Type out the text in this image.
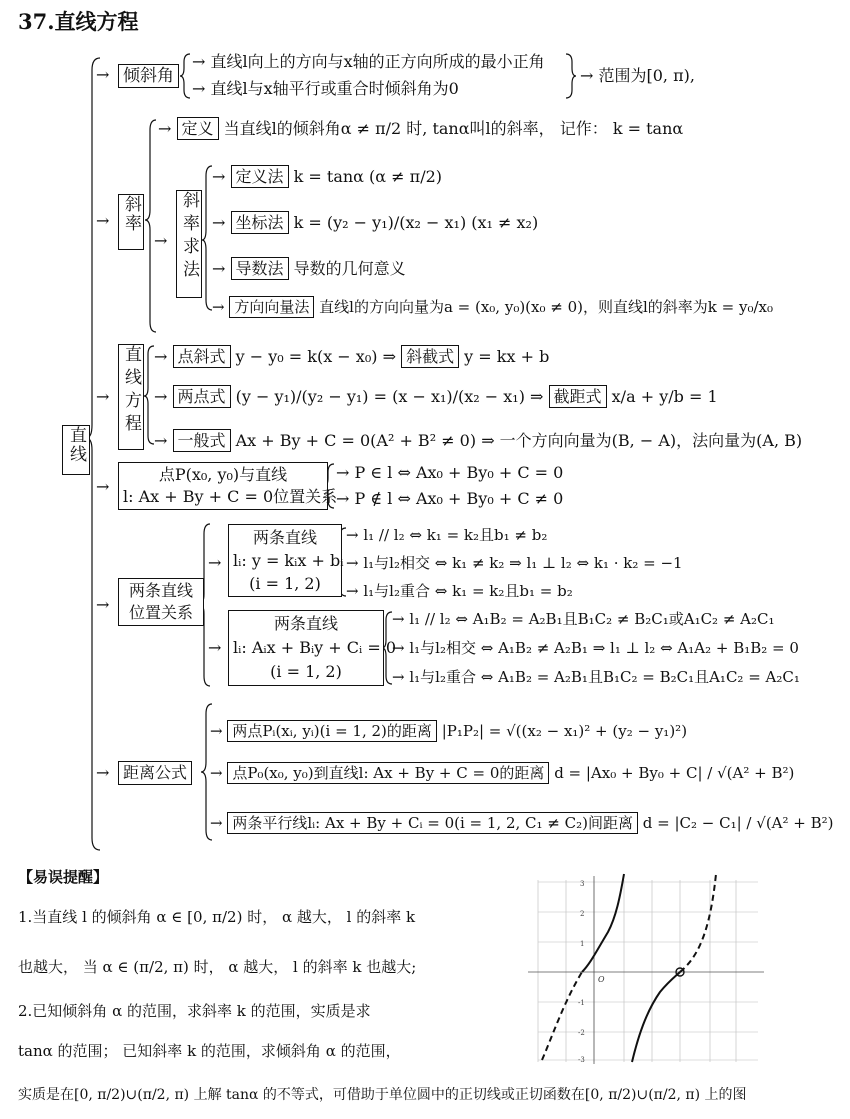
37.直线方程
直线
→ 倾斜角
→ 直线l向上的方向与x轴的正方向所成的最小正角
→ 直线l与x轴平行或重合时倾斜角为0
→ 范围为[0, π),
→ 斜率
→ 定义 当直线l的倾斜角α ≠ π/2 时, tanα叫l的斜率， 记作： k = tanα
→ 斜率求法
→ 定义法 k = tanα (α ≠ π/2)
→ 坐标法 k = (y₂ − y₁)/(x₂ − x₁) (x₁ ≠ x₂)
→ 导数法 导数的几何意义
→ 方向向量法 直线l的方向向量为a = (x₀, y₀)(x₀ ≠ 0)，则直线l的斜率为k = y₀/x₀
→ 直线方程 → 点斜式 y − y₀ = k(x − x₀) ⇒ 斜截式 y = kx + b
→ 两点式 (y − y₁)/(y₂ − y₁) = (x − x₁)/(x₂ − x₁) ⇒ 截距式 x/a + y/b = 1
→ 一般式 Ax + By + C = 0(A² + B² ≠ 0) ⇒ 一个方向向量为(B, − A)，法向量为(A, B)
→
点P(x₀, y₀)与直线
l: Ax + By + C = 0位置关系
→ P ∈ l ⇔ Ax₀ + By₀ + C = 0
→ P ∉ l ⇔ Ax₀ + By₀ + C ≠ 0
→
两条直线
位置关系
→
两条直线
lᵢ: y = kᵢx + bᵢ
(i = 1, 2)
→ l₁ // l₂ ⇔ k₁ = k₂且b₁ ≠ b₂
→ l₁与l₂相交 ⇔ k₁ ≠ k₂ ⇒ l₁ ⊥ l₂ ⇔ k₁ · k₂ = −1
→ l₁与l₂重合 ⇔ k₁ = k₂且b₁ = b₂
→
两条直线
lᵢ: Aᵢx + Bᵢy + Cᵢ = 0
(i = 1, 2)
→ l₁ // l₂ ⇔ A₁B₂ = A₂B₁且B₁C₂ ≠ B₂C₁或A₁C₂ ≠ A₂C₁
→ l₁与l₂相交 ⇔ A₁B₂ ≠ A₂B₁ ⇒ l₁ ⊥ l₂ ⇔ A₁A₂ + B₁B₂ = 0
→ l₁与l₂重合 ⇔ A₁B₂ = A₂B₁且B₁C₂ = B₂C₁且A₁C₂ = A₂C₁
→ 距离公式
→ 两点Pᵢ(xᵢ, yᵢ)(i = 1, 2)的距离 |P₁P₂| = √((x₂ − x₁)² + (y₂ − y₁)²)
→ 点P₀(x₀, y₀)到直线l: Ax + By + C = 0的距离 d = |Ax₀ + By₀ + C| / √(A² + B²)
→ 两条平行线lᵢ: Ax + By + Cᵢ = 0(i = 1, 2, C₁ ≠ C₂)间距离 d = |C₂ − C₁| / √(A² + B²)
【易误提醒】
1.当直线 l 的倾斜角 α ∈ [0, π/2) 时， α 越大， l 的斜率 k
也越大， 当 α ∈ (π/2, π) 时， α 越大， l 的斜率 k 也越大;
2.已知倾斜角 α 的范围，求斜率 k 的范围，实质是求
tanα 的范围； 已知斜率 k 的范围，求倾斜角 α 的范围，
实质是在[0, π/2)∪(π/2, π) 上解 tanα 的不等式，可借助于单位圆中的正切线或正切函数在[0, π/2)∪(π/2, π) 上的图
3
2
1
-1
-2
-3
O
